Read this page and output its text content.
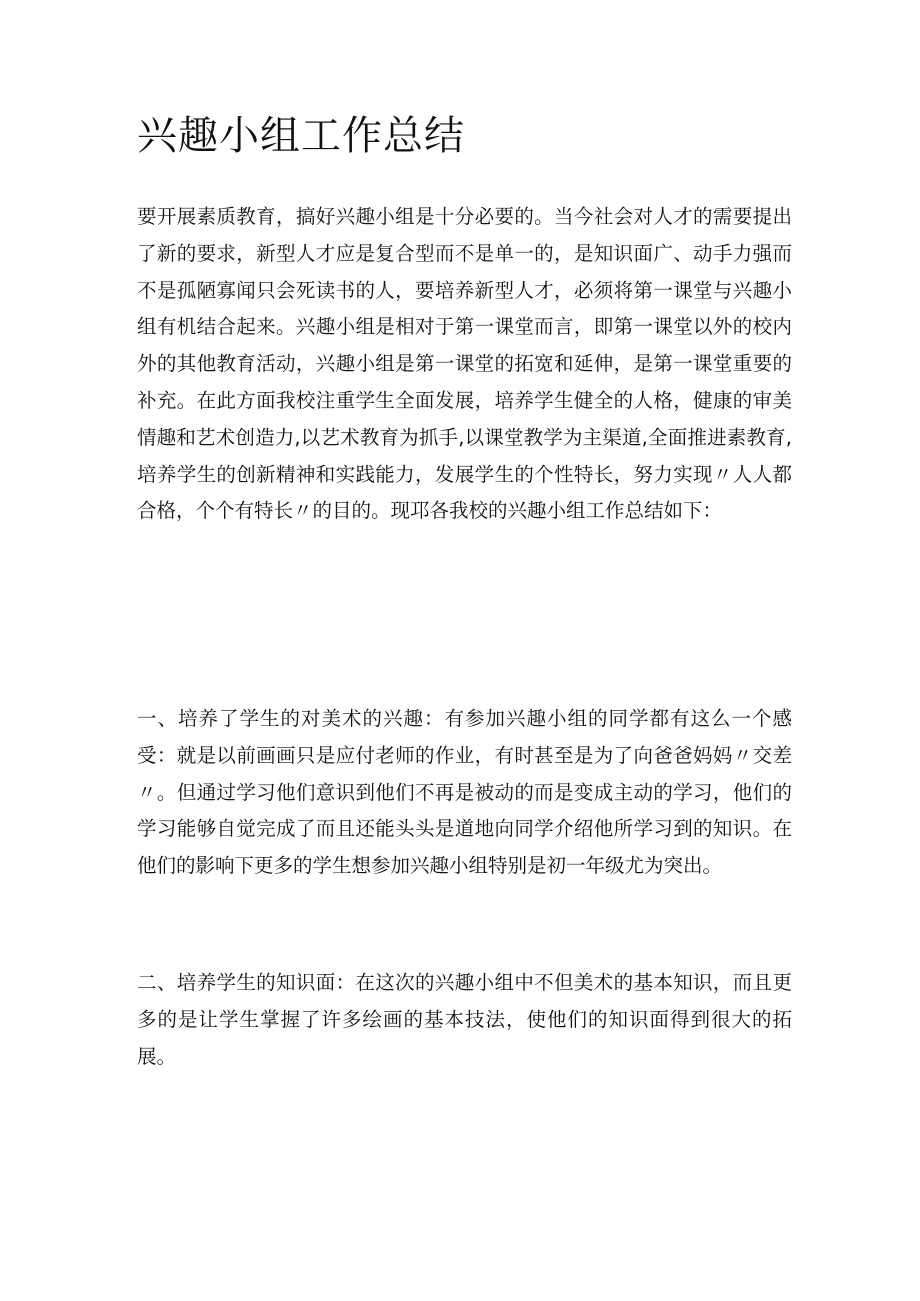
兴趣小组工作总结

要开展素质教育，搞好兴趣小组是十分必要的。当今社会对人才的需要提出了新的要求，新型人才应是复合型而不是单一的，是知识面广、动手力强而不是孤陋寡闻只会死读书的人，要培养新型人才，必须将第一课堂与兴趣小组有机结合起来。兴趣小组是相对于第一课堂而言，即第一课堂以外的校内外的其他教育活动，兴趣小组是第一课堂的拓宽和延伸，是第一课堂重要的补充。在此方面我校注重学生全面发展，培养学生健全的人格，健康的审美情趣和艺术创造力,以艺术教育为抓手,以课堂教学为主渠道,全面推进素教育,培养学生的创新精神和实践能力，发展学生的个性特长，努力实现〃人人都合格，个个有特长〃的目的。现邛各我校的兴趣小组工作总结如下：

一、培养了学生的对美术的兴趣：有参加兴趣小组的同学都有这么一个感受：就是以前画画只是应付老师的作业，有时甚至是为了向爸爸妈妈〃交差〃。但通过学习他们意识到他们不再是被动的而是变成主动的学习，他们的学习能够自觉完成了而且还能头头是道地向同学介绍他所学习到的知识。在他们的影响下更多的学生想参加兴趣小组特别是初一年级尤为突出。

二、培养学生的知识面：在这次的兴趣小组中不但美术的基本知识，而且更多的是让学生掌握了许多绘画的基本技法，使他们的知识面得到很大的拓展。
